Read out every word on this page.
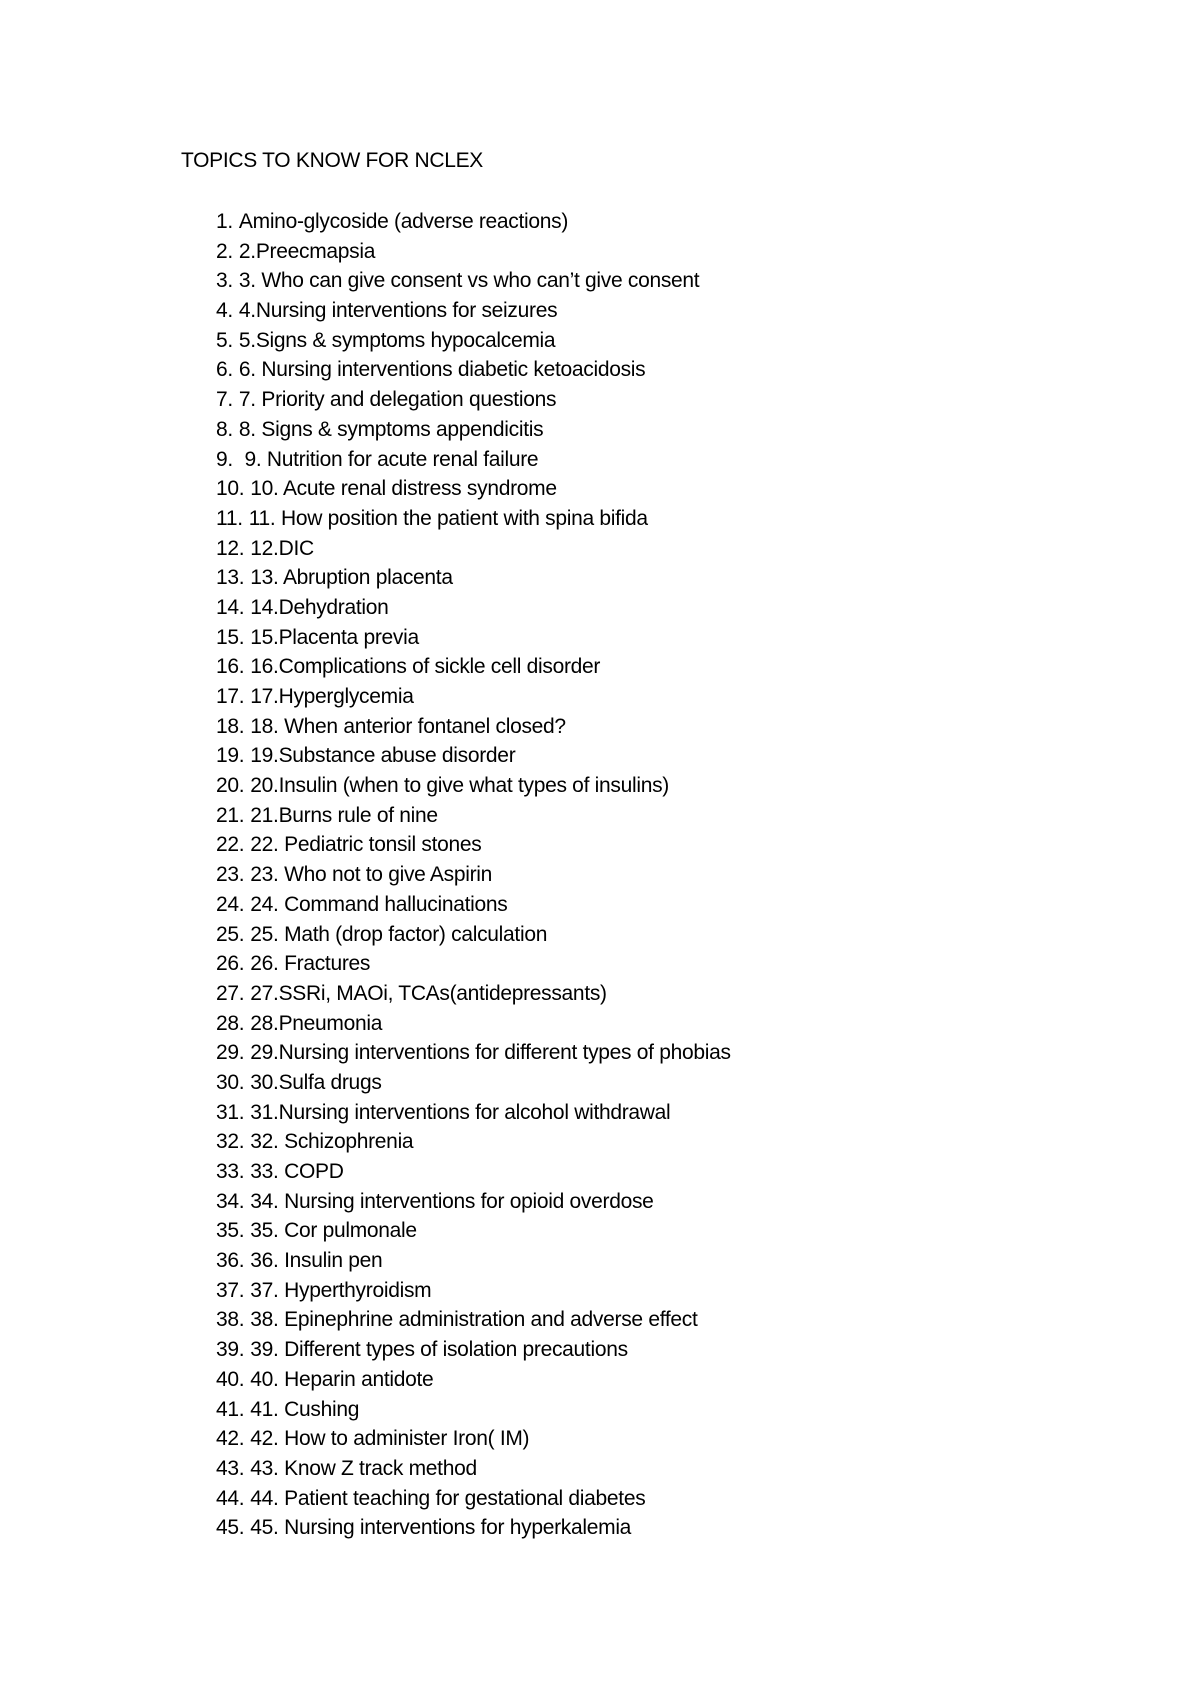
TOPICS TO KNOW FOR NCLEX
1. Amino-glycoside (adverse reactions)
2. 2.Preecmapsia
3. 3. Who can give consent vs who can’t give consent
4. 4.Nursing interventions for seizures
5. 5.Signs & symptoms hypocalcemia
6. 6. Nursing interventions diabetic ketoacidosis
7. 7. Priority and delegation questions
8. 8. Signs & symptoms appendicitis
9. 9. Nutrition for acute renal failure
10. 10. Acute renal distress syndrome
11. 11. How position the patient with spina bifida
12. 12.DIC
13. 13. Abruption placenta
14. 14.Dehydration
15. 15.Placenta previa
16. 16.Complications of sickle cell disorder
17. 17.Hyperglycemia
18. 18. When anterior fontanel closed?
19. 19.Substance abuse disorder
20. 20.Insulin (when to give what types of insulins)
21. 21.Burns rule of nine
22. 22. Pediatric tonsil stones
23. 23. Who not to give Aspirin
24. 24. Command hallucinations
25. 25. Math (drop factor) calculation
26. 26. Fractures
27. 27.SSRi, MAOi, TCAs(antidepressants)
28. 28.Pneumonia
29. 29.Nursing interventions for different types of phobias
30. 30.Sulfa drugs
31. 31.Nursing interventions for alcohol withdrawal
32. 32. Schizophrenia
33. 33. COPD
34. 34. Nursing interventions for opioid overdose
35. 35. Cor pulmonale
36. 36. Insulin pen
37. 37. Hyperthyroidism
38. 38. Epinephrine administration and adverse effect
39. 39. Different types of isolation precautions
40. 40. Heparin antidote
41. 41. Cushing
42. 42. How to administer Iron( IM)
43. 43. Know Z track method
44. 44. Patient teaching for gestational diabetes
45. 45. Nursing interventions for hyperkalemia
